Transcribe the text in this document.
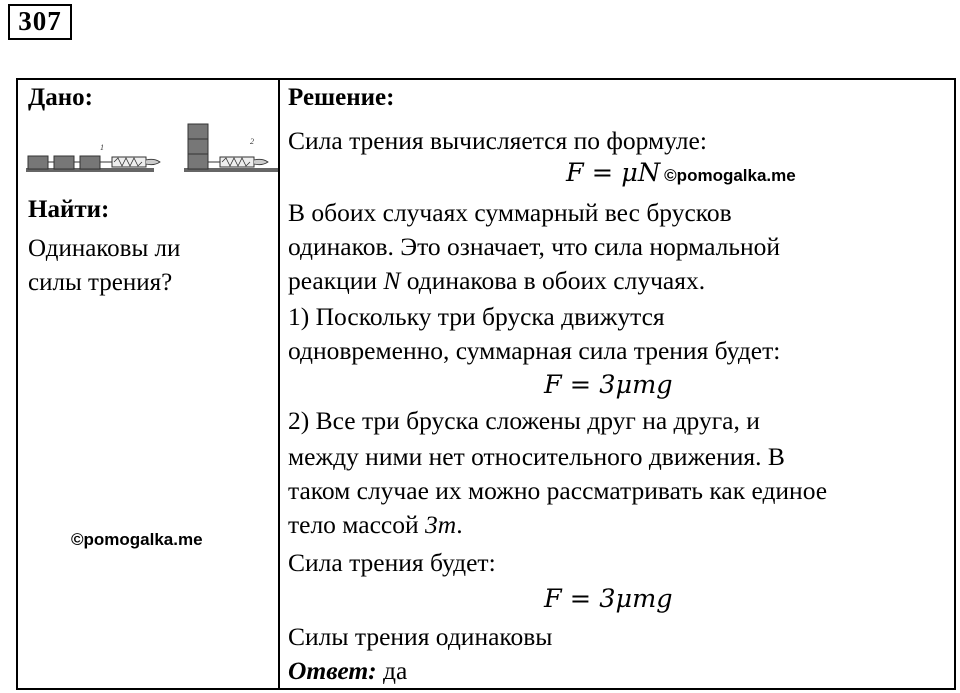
307
Дано:
1
2
Найти:
Одинаковы ли
силы трения?
©pomogalka.me
Решение:
Сила трения вычисляется по формуле:
F = μN ©pomogalka.me
В обоих случаях суммарный вес брусков
одинаков. Это означает, что сила нормальной
реакции N одинакова в обоих случаях.
1) Поскольку три бруска движутся
одновременно, суммарная сила трения будет:
F = 3μmg
2) Все три бруска сложены друг на друга, и
между ними нет относительного движения. В
таком случае их можно рассматривать как единое
тело массой 3m.
Сила трения будет:
F = 3μmg
Силы трения одинаковы
Ответ: да
